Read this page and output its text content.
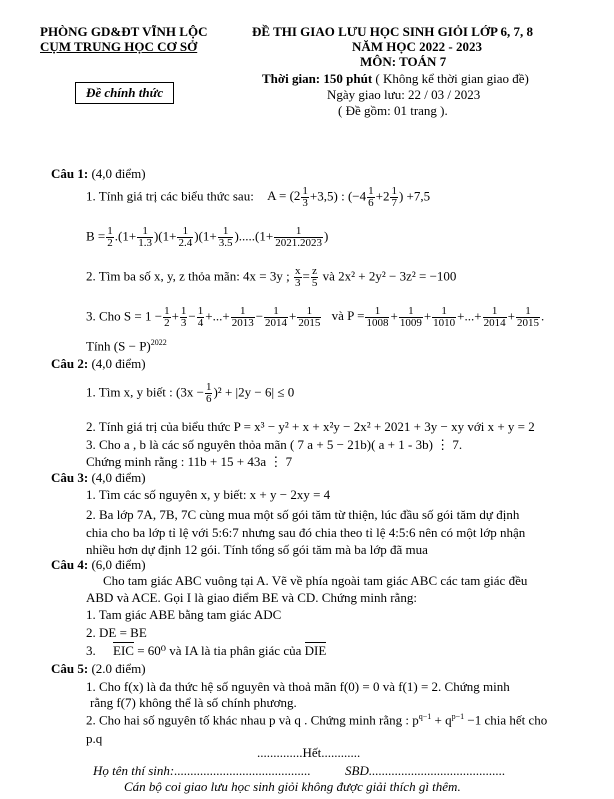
PHÒNG GD&ĐT VĨNH LỘC
CỤM TRUNG HỌC CƠ SỞ
Đề chính thức
ĐỀ THI GIAO LƯU HỌC SINH GIỎI LỚP 6, 7, 8
NĂM HỌC 2022 - 2023
MÔN: TOÁN 7
Thời gian: 150 phút ( Không kể thời gian giao đề)
Ngày giao lưu: 22 / 03 / 2023
( Đề gồm: 01 trang ).
Câu 1: (4,0 điểm)
1. Tính giá trị các biểu thức sau: $A = (2 \frac{1}{3} +3,5)$ : ($-4 \frac{1}{6} +2 \frac{1}{7}$ ) +7,5
$B = \frac{1}{2} .(1+ \frac{1}{1.3} )(1+ \frac{1}{2.4} )(1+ \frac{1}{3.5} ).....(1+ \frac{1}{2021.2023}$ )
2. Tìm ba số x, y, z thỏa mãn: 4x = 3y ; $\frac{x}{3} = \frac{z}{5}$ và 2x² + 2y² − 3z² = −100
3. Cho $S = 1 - \frac{1}{2} + \frac{1}{3} - \frac{1}{4}$ +...+ $\frac{1}{2013} - \frac{1}{2014} + \frac{1}{2015}$ và $P = \frac{1}{1008} + \frac{1}{1009} + \frac{1}{1010}$ +...+ $\frac{1}{2014} + \frac{1}{2015}$ .
Tính $(S - P)^{2022}$
Câu 2: (4,0 điểm)
1. Tìm x, y biết : $(3x - \frac{1}{6} )^2 + |2y - 6| \le 0$
2. Tính giá trị của biểu thức P = x³ − y² + x + x²y − 2x² + 2021 + 3y − xy với x + y = 2
3. Cho a , b là các số nguyên thỏa mãn ( 7 a + 5 − 21b)( a + 1 - 3b) ⋮ 7.
Chứng minh rằng : 11b + 15 + 43a ⋮ 7
Câu 3: (4,0 điểm)
1. Tìm các số nguyên x, y biết: x + y − 2xy = 4
2. Ba lớp 7A, 7B, 7C cùng mua một số gói tăm từ thiện, lúc đầu số gói tăm dự định
chia cho ba lớp tỉ lệ với 5:6:7 nhưng sau đó chia theo tỉ lệ 4:5:6 nên có một lớp nhận
nhiều hơn dự định 12 gói. Tính tổng số gói tăm mà ba lớp đã mua
Câu 4: (6,0 điểm)
Cho tam giác ABC vuông tại A. Vẽ về phía ngoài tam giác ABC các tam giác đều
ABD và ACE. Gọi I là giao điểm BE và CD. Chứng minh rằng:
1. Tam giác ABE bằng tam giác ADC
2. DE = BE
3. EIC = 60⁰ và IA là tia phân giác của DIE
Câu 5: (2.0 điểm)
1. Cho f(x) là đa thức hệ số nguyên và thoả mãn f(0) = 0 và f(1) = 2. Chứng minh
rằng f(7) không thể là số chính phương.
2. Cho hai số nguyên tố khác nhau p và q . Chứng minh rằng : $p^{q-1} + q^{p-1} -1$ chia hết cho
p.q
..............Hết............
Họ tên thí sinh:..........................................	SBD..........................................
Cán bộ coi giao lưu học sinh giỏi không được giải thích gì thêm.
